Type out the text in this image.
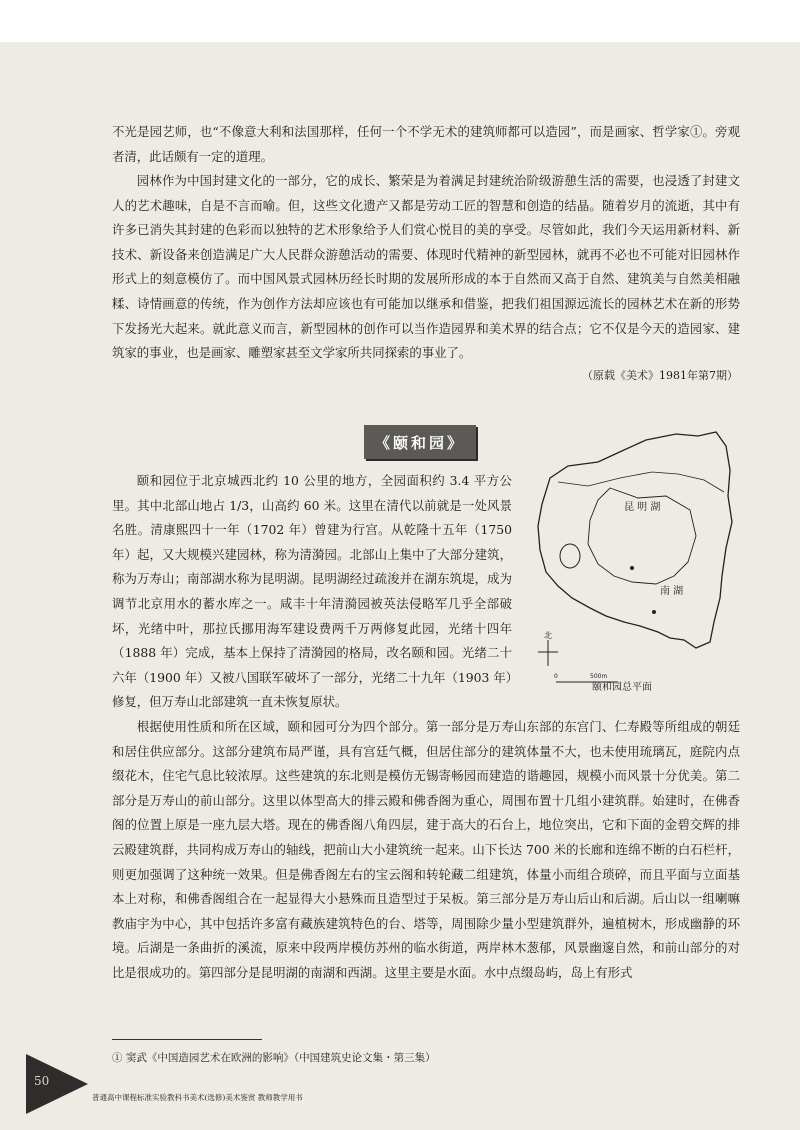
不光是园艺师，也“不像意大利和法国那样，任何一个不学无术的建筑师都可以造园”，而是画家、哲学家①。旁观者清，此话颇有一定的道理。

园林作为中国封建文化的一部分，它的成长、繁荣是为着满足封建统治阶级游憩生活的需要，也浸透了封建文人的艺术趣味，自是不言而喻。但，这些文化遗产又都是劳动工匠的智慧和创造的结晶。随着岁月的流逝，其中有许多已消失其封建的色彩而以独特的艺术形象给予人们赏心悦目的美的享受。尽管如此，我们今天运用新材料、新技术、新设备来创造满足广大人民群众游憩活动的需要、体现时代精神的新型园林，就再不必也不可能对旧园林作形式上的刻意模仿了。而中国风景式园林历经长时期的发展所形成的本于自然而又高于自然、建筑美与自然美相融糅、诗情画意的传统，作为创作方法却应该也有可能加以继承和借鉴，把我们祖国源远流长的园林艺术在新的形势下发扬光大起来。就此意义而言，新型园林的创作可以当作造园界和美术界的结合点；它不仅是今天的造园家、建筑家的事业，也是画家、雕塑家甚至文学家所共同探索的事业了。

（原载《美术》1981年第7期）
《颐和园》

颐和园位于北京城西北约 10 公里的地方，全园面积约 3.4 平方公里。其中北部山地占 1/3，山高约 60 米。这里在清代以前就是一处风景名胜。清康熙四十一年（1702 年）曾建为行宫。从乾隆十五年（1750 年）起，又大规模兴建园林，称为清漪园。北部山上集中了大部分建筑，称为万寿山；南部湖水称为昆明湖。昆明湖经过疏浚并在湖东筑堤，成为调节北京用水的蓄水库之一。咸丰十年清漪园被英法侵略军几乎全部破坏，光绪中叶，那拉氏挪用海军建设费两千万两修复此园，光绪十四年（1888 年）完成，基本上保持了清漪园的格局，改名颐和园。光绪二十六年（1900 年）又被八国联军破坏了一部分，光绪二十九年（1903 年）修复，但万寿山北部建筑一直未恢复原状。

昆 明 湖
南 湖
北
0	500m
颐和园总平面

根据使用性质和所在区域，颐和园可分为四个部分。第一部分是万寿山东部的东宫门、仁寿殿等所组成的朝廷和居住供应部分。这部分建筑布局严谨，具有宫廷气概，但居住部分的建筑体量不大，也未使用琉璃瓦，庭院内点缀花木，住宅气息比较浓厚。这些建筑的东北则是模仿无锡寄畅园而建造的谐趣园，规模小而风景十分优美。第二部分是万寿山的前山部分。这里以体型高大的排云殿和佛香阁为重心，周围布置十几组小建筑群。始建时，在佛香阁的位置上原是一座九层大塔。现在的佛香阁八角四层，建于高大的石台上，地位突出，它和下面的金碧交辉的排云殿建筑群，共同构成万寿山的轴线，把前山大小建筑统一起来。山下长达 700 米的长廊和连绵不断的白石栏杆，则更加强调了这种统一效果。但是佛香阁左右的宝云阁和转轮藏二组建筑，体量小而组合琐碎，而且平面与立面基本上对称，和佛香阁组合在一起显得大小悬殊而且造型过于呆板。第三部分是万寿山后山和后湖。后山以一组喇嘛教庙宇为中心，其中包括许多富有藏族建筑特色的台、塔等，周围除少量小型建筑群外，遍植树木，形成幽静的环境。后湖是一条曲折的溪流，原来中段两岸模仿苏州的临水街道，两岸林木葱郁，风景幽邃自然，和前山部分的对比是很成功的。第四部分是昆明湖的南湖和西湖。这里主要是水面。水中点缀岛屿，岛上有形式

① 窦武《中国造园艺术在欧洲的影响》（中国建筑史论文集・第三集）
50
普通高中课程标准实验教科书美术(选修)美术鉴赏 教师教学用书
